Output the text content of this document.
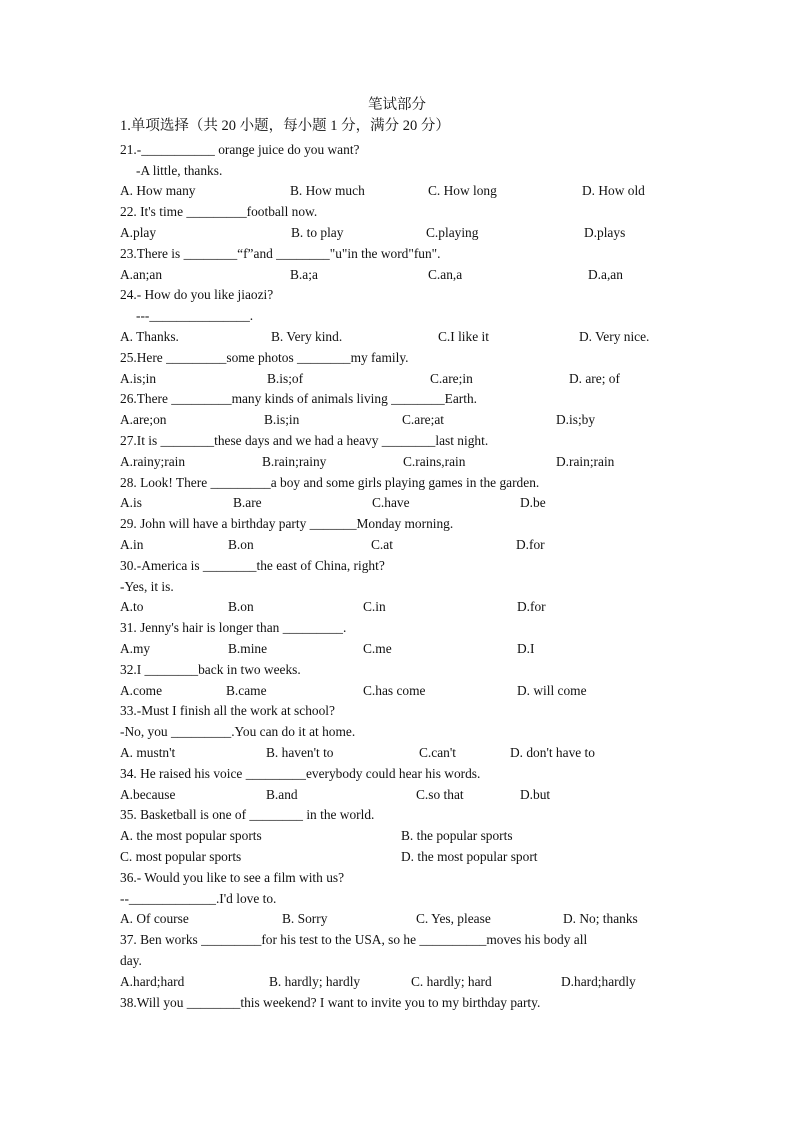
笔试部分
1.单项选择（共 20 小题，每小题 1 分，满分 20 分）
21.-___________ orange juice do you want?
-A little, thanks.
A. How many	B. How much	C. How long	D. How old
22. It's time _________football now.
A.play	B. to play	C.playing	D.plays
23.There is ________“f”and ________"u"in the word"fun".
A.an;an	B.a;a	C.an,a	D.a,an
24.- How do you like jiaozi?
---_______________.
A. Thanks.	B. Very kind.	C.I like it	D. Very nice.
25.Here _________some photos ________my family.
A.is;in	B.is;of	C.are;in	D. are; of
26.There _________many kinds of animals living ________Earth.
A.are;on	B.is;in	C.are;at	D.is;by
27.It is ________these days and we had a heavy ________last night.
A.rainy;rain	B.rain;rainy	C.rains,rain	D.rain;rain
28. Look! There _________a boy and some girls playing games in the garden.
A.is	B.are	C.have	D.be
29. John will have a birthday party _______Monday morning.
A.in	B.on	C.at	D.for
30.-America is ________the east of China, right?
-Yes, it is.
A.to	B.on	C.in	D.for
31. Jenny's hair is longer than _________.
A.my	B.mine	C.me	D.I
32.I ________back in two weeks.
A.come	B.came	C.has come	D. will come
33.-Must I finish all the work at school?
-No, you _________.You can do it at home.
A. mustn't	B. haven't to	C.can't	D. don't have to
34. He raised his voice _________everybody could hear his words.
A.because	B.and	C.so that	D.but
35. Basketball is one of ________ in the world.
A. the most popular sports	B. the popular sports
C. most popular sports	D. the most popular sport
36.- Would you like to see a film with us?
--_____________.I'd love to.
A. Of course	B. Sorry	C. Yes, please	D. No; thanks
37. Ben works _________for his test to the USA, so he __________moves his body all
day.
A.hard;hard	B. hardly; hardly	C. hardly; hard	D.hard;hardly
38.Will you ________this weekend? I want to invite you to my birthday party.
